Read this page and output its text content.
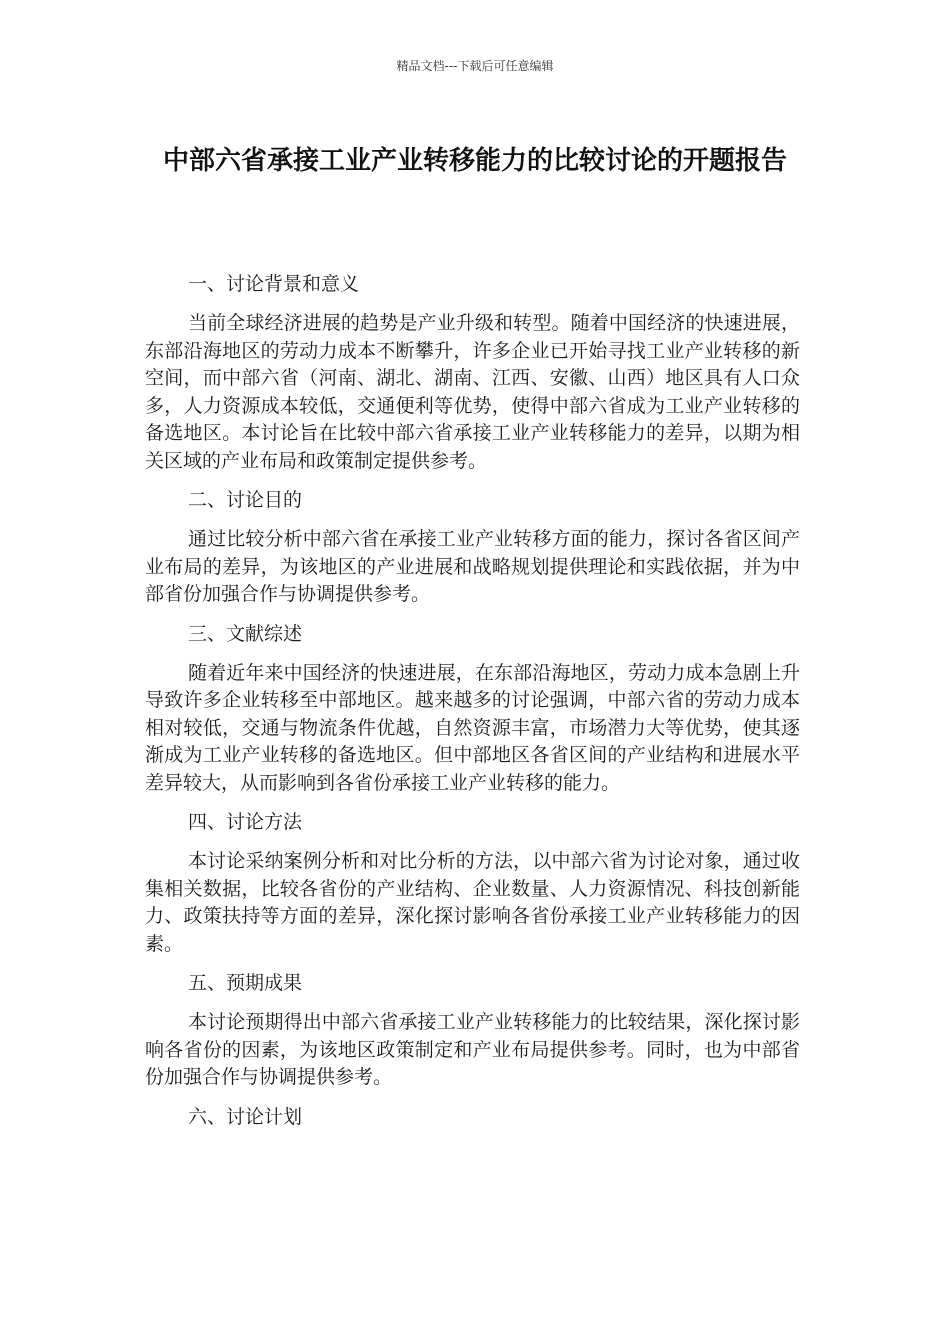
精品文档---下载后可任意编辑
中部六省承接工业产业转移能力的比较讨论的开题报告

一、讨论背景和意义

当前全球经济进展的趋势是产业升级和转型。随着中国经济的快速进展，东部沿海地区的劳动力成本不断攀升，许多企业已开始寻找工业产业转移的新空间，而中部六省（河南、湖北、湖南、江西、安徽、山西）地区具有人口众多，人力资源成本较低，交通便利等优势，使得中部六省成为工业产业转移的备选地区。本讨论旨在比较中部六省承接工业产业转移能力的差异，以期为相关区域的产业布局和政策制定提供参考。

二、讨论目的

通过比较分析中部六省在承接工业产业转移方面的能力，探讨各省区间产业布局的差异，为该地区的产业进展和战略规划提供理论和实践依据，并为中部省份加强合作与协调提供参考。

三、文献综述

随着近年来中国经济的快速进展，在东部沿海地区，劳动力成本急剧上升导致许多企业转移至中部地区。越来越多的讨论强调，中部六省的劳动力成本相对较低，交通与物流条件优越，自然资源丰富，市场潜力大等优势，使其逐渐成为工业产业转移的备选地区。但中部地区各省区间的产业结构和进展水平差异较大，从而影响到各省份承接工业产业转移的能力。

四、讨论方法

本讨论采纳案例分析和对比分析的方法，以中部六省为讨论对象，通过收集相关数据，比较各省份的产业结构、企业数量、人力资源情况、科技创新能力、政策扶持等方面的差异，深化探讨影响各省份承接工业产业转移能力的因素。

五、预期成果

本讨论预期得出中部六省承接工业产业转移能力的比较结果，深化探讨影响各省份的因素，为该地区政策制定和产业布局提供参考。同时，也为中部省份加强合作与协调提供参考。

六、讨论计划
